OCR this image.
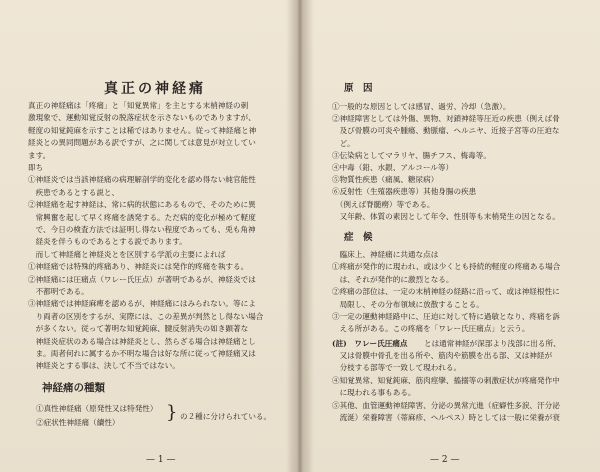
真正の神経痛
真正の神経痛は「疼痛」と「知覚異常」を主とする末梢神経の刺
激現象で、運動知覚反射の脱落症状を示さないものでありますが、
軽度の知覚鈍麻を示すことは稀ではありません。従って神経痛と神
経炎との異同問題がある訳ですが、之に関しては意見が対立してい
ます。
即ち
①神経炎では当該神経痛の病理解剖学的変化を認め得ない純官能性
　疾患であるとする説と、
②神経痛を起す神経は、常に病的状態にあるもので、そのために異
　常興奮を起して早く疼痛を誘発する。ただ病的変化が極めて軽度
　で、今日の検査方法では証明し得ない程度であっても、兎も角神
　経炎を伴うものであるとする説であります。
　而して神経痛と神経炎とを区別する学派の主要によれば
①神経痛では特殊的疼痛あり、神経炎には発作的疼痛を執する。
②神経痛には圧痛点（ワレー氏圧点）が著明であるが、神経炎では
　不都明である。
③神経痛では神経麻痺を認めるが、神経痛にはみられない。等によ
　り両者の区別をするが、実際には、この差異が判然とし得ない場合
　が多くない。従って著明な知覚鈍麻、腱反射消失の如き顕著な
　神経炎症状のある場合は神経炎とし、然らざる場合は神経痛とし
　ま。両者何れに属するか不明な場合は好な所に従って神経痛又は
　神経炎とする事は、決して不当ではない。
神経痛の種類
①真性神経痛（原発性又は特発性）
②症状性神経痛（續性）	} の２種に分けられている。
— 1 —
原　因
①一般的な原因としては感冒、過労、冷却（急激）。
②神経障害としては外傷、異物、対鎖神経等圧近の疾患（例えば骨
　及び骨膜の可炎や腫瘍、動脈瘤、ヘルニヤ、近接子宮等の圧迫な
　ど。
③伝染病としてマラリヤ、腸チフス、梅毒等。
④中毒（鉛、水銀、アルコール等）
⑤物質性疾患（痛風、糖尿病）
⑥反射性（生殖器疾患等）其他身腸の疾患
　（例えば脊髄癆）等である。
　又年齢、体質の素因として年令、性別等も末梢発生の因となる。
症　候
　臨床上、神経痛に共通な点は
①疼痛が発作的に現われ、或は少くとも持続的軽度の疼痛ある場合
　は、それが発作的に激烈となる。
②疼痛の部位は、一定の末梢神経の経路に沿って、或は神経根性に
　局限し、その分布領域に放散することる。
③一定の運動神経路中に、圧迫に対して特に過敏となり、疼痛を訴
　える所がある。この疼痛を「ワレー氏圧痛点」と云う。
(註)　ワレー氏圧痛点 とは通常神経が深部より浅部に出る所、
　又は骨膜中骨孔を出る所や、筋肉や筋膜を出る部、又は神経が
　分枝する部等で一致して現われる。
④知覚異常、知覚鈍麻、筋肉痙攣、搐搦等の刺激症状が疼痛発作中
　に現われる事もある。
⑤其他、血管運動神経障害、分泌の異常亢進（症癖性多涙、汗分泌
　流涎）栄養障害（蒂麻疹、ヘルペス）時としては一般に栄養が衰
— 2 —
